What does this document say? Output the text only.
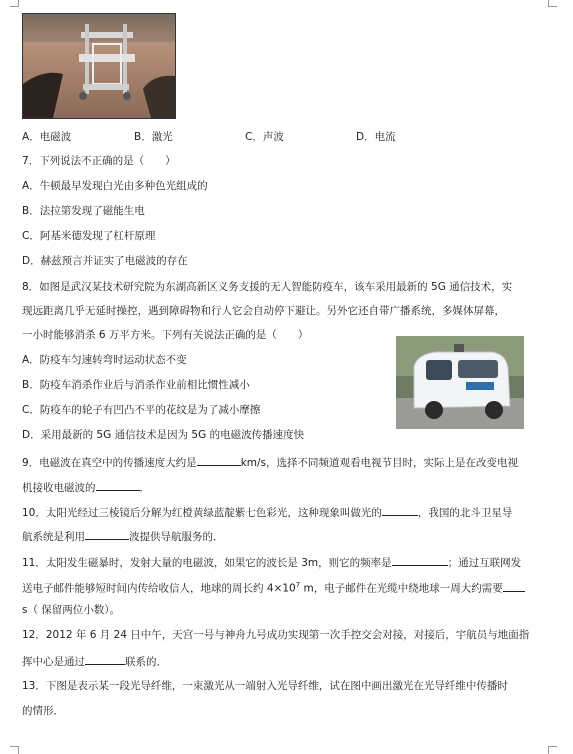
A．电磁波	B．激光	C．声波	D．电流
7．下列说法不正确的是（　　）
A．牛顿最早发现白光由多种色光组成的
B．法拉第发现了磁能生电
C．阿基米德发现了杠杆原理
D．赫兹预言并证实了电磁波的存在
8．如图是武汉某技术研究院为东湖高新区义务支援的无人智能防疫车，该车采用最新的 5G 通信技术，实
现远距离几乎无延时操控，遇到障碍物和行人它会自动停下避让。另外它还自带广播系统，多媒体屏幕，
一小时能够消杀 6 万平方米。下列有关说法正确的是（　　）
A．防疫车匀速转弯时运动状态不变
B．防疫车消杀作业后与消杀作业前相比惯性减小
C．防疫车的轮子有凹凸不平的花纹是为了减小摩擦
D．采用最新的 5G 通信技术是因为 5G 的电磁波传播速度快
9．电磁波在真空中的传播速度大约是	km/s，选择不同频道观看电视节目时，实际上是在改变电视
机接收电磁波的	．
10．太阳光经过三棱镜后分解为红橙黄绿蓝靛紫七色彩光，这种现象叫做光的	，我国的北斗卫星导
航系统是利用	波提供导航服务的．
11．太阳发生磁暴时，发射大量的电磁波，如果它的波长是 3m，则它的频率是	；通过互联网发
送电子邮件能够短时间内传给收信人，地球的周长约 $4\times 10^7$ m，电子邮件在光缆中绕地球一周大约需要
s（ 保留两位小数）。
12．2012 年 6 月 24 日中午，天宫一号与神舟九号成功实现第一次手控交会对接，对接后，宇航员与地面指
挥中心是通过	联系的．
13．下图是表示某一段光导纤维，一束激光从一端射入光导纤维，试在图中画出激光在光导纤维中传播时
的情形．
